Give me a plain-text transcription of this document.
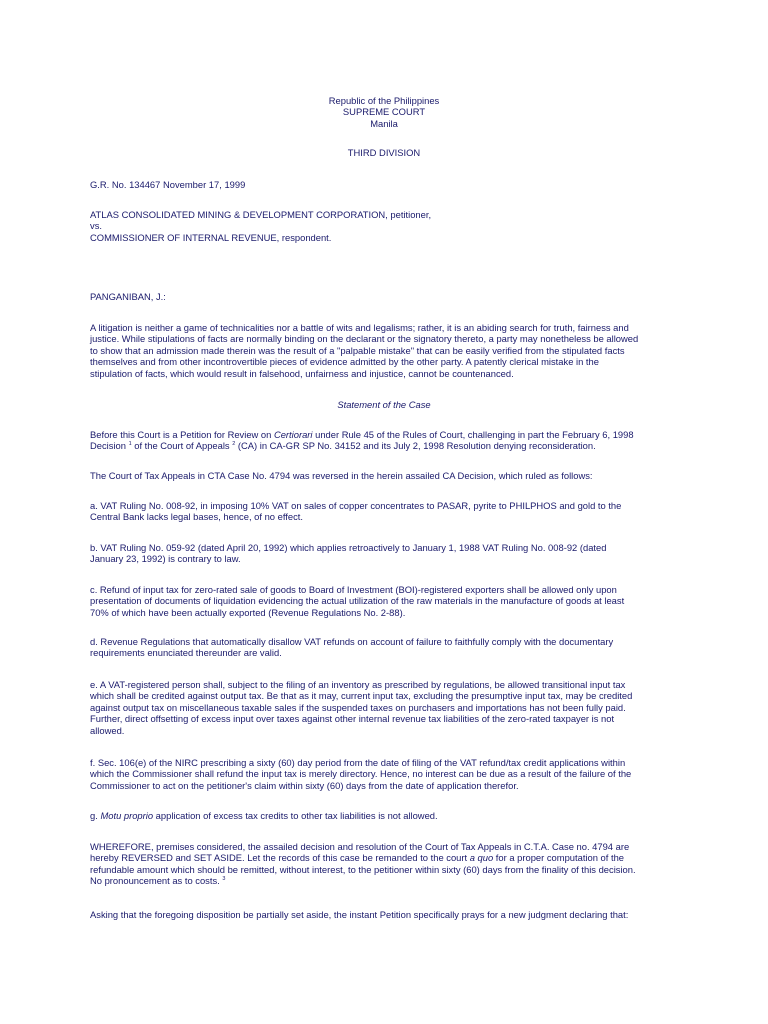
Republic of the Philippines
SUPREME COURT
Manila
THIRD DIVISION
G.R. No. 134467 November 17, 1999
ATLAS CONSOLIDATED MINING & DEVELOPMENT CORPORATION, petitioner,
vs.
COMMISSIONER OF INTERNAL REVENUE, respondent.
PANGANIBAN, J.:
A litigation is neither a game of technicalities nor a battle of wits and legalisms; rather, it is an abiding search for truth, fairness and
justice. While stipulations of facts are normally binding on the declarant or the signatory thereto, a party may nonetheless be allowed
to show that an admission made therein was the result of a "palpable mistake" that can be easily verified from the stipulated facts
themselves and from other incontrovertible pieces of evidence admitted by the other party. A patently clerical mistake in the
stipulation of facts, which would result in falsehood, unfairness and injustice, cannot be countenanced.
Statement of the Case
Before this Court is a Petition for Review on Certiorari under Rule 45 of the Rules of Court, challenging in part the February 6, 1998
Decision $^1$ of the Court of Appeals $^2$ (CA) in CA-GR SP No. 34152 and its July 2, 1998 Resolution denying reconsideration.
The Court of Tax Appeals in CTA Case No. 4794 was reversed in the herein assailed CA Decision, which ruled as follows:
a. VAT Ruling No. 008-92, in imposing 10% VAT on sales of copper concentrates to PASAR, pyrite to PHILPHOS and gold to the
Central Bank lacks legal bases, hence, of no effect.
b. VAT Ruling No. 059-92 (dated April 20, 1992) which applies retroactively to January 1, 1988 VAT Ruling No. 008-92 (dated
January 23, 1992) is contrary to law.
c. Refund of input tax for zero-rated sale of goods to Board of Investment (BOI)-registered exporters shall be allowed only upon
presentation of documents of liquidation evidencing the actual utilization of the raw materials in the manufacture of goods at least
70% of which have been actually exported (Revenue Regulations No. 2-88).
d. Revenue Regulations that automatically disallow VAT refunds on account of failure to faithfully comply with the documentary
requirements enunciated thereunder are valid.
e. A VAT-registered person shall, subject to the filing of an inventory as prescribed by regulations, be allowed transitional input tax
which shall be credited against output tax. Be that as it may, current input tax, excluding the presumptive input tax, may be credited
against output tax on miscellaneous taxable sales if the suspended taxes on purchasers and importations has not been fully paid.
Further, direct offsetting of excess input over taxes against other internal revenue tax liabilities of the zero-rated taxpayer is not
allowed.
f. Sec. 106(e) of the NIRC prescribing a sixty (60) day period from the date of filing of the VAT refund/tax credit applications within
which the Commissioner shall refund the input tax is merely directory. Hence, no interest can be due as a result of the failure of the
Commissioner to act on the petitioner's claim within sixty (60) days from the date of application therefor.
g. Motu proprio application of excess tax credits to other tax liabilities is not allowed.
WHEREFORE, premises considered, the assailed decision and resolution of the Court of Tax Appeals in C.T.A. Case no. 4794 are
hereby REVERSED and SET ASIDE. Let the records of this case be remanded to the court a quo for a proper computation of the
refundable amount which should be remitted, without interest, to the petitioner within sixty (60) days from the finality of this decision.
No pronouncement as to costs. $^3$
Asking that the foregoing disposition be partially set aside, the instant Petition specifically prays for a new judgment declaring that:
